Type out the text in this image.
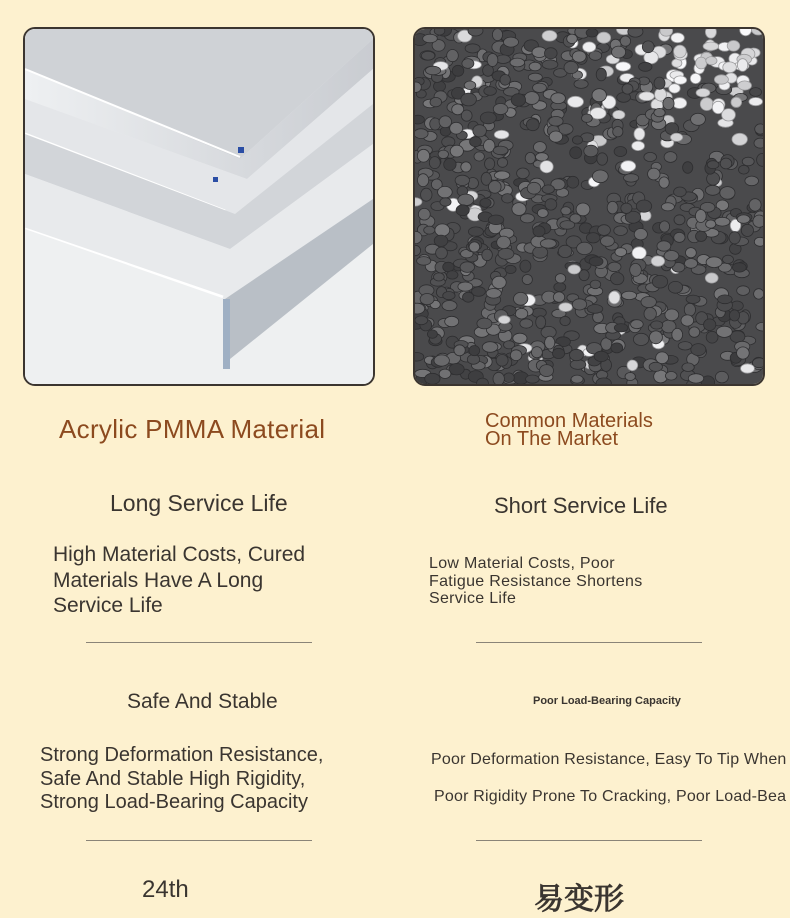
Acrylic PMMA Material
Long Service Life
High Material Costs, Cured
Materials Have A Long
Service Life
Safe And Stable
Strong Deformation Resistance,
Safe And Stable High Rigidity,
Strong Load-Bearing Capacity
24th
Common Materials
On The Market
Short Service Life
Low Material Costs, Poor
Fatigue Resistance Shortens
Service Life
Poor Load-Bearing Capacity
Poor Deformation Resistance, Easy To Tip When
Poor Rigidity Prone To Cracking, Poor Load-Bea
易变形
